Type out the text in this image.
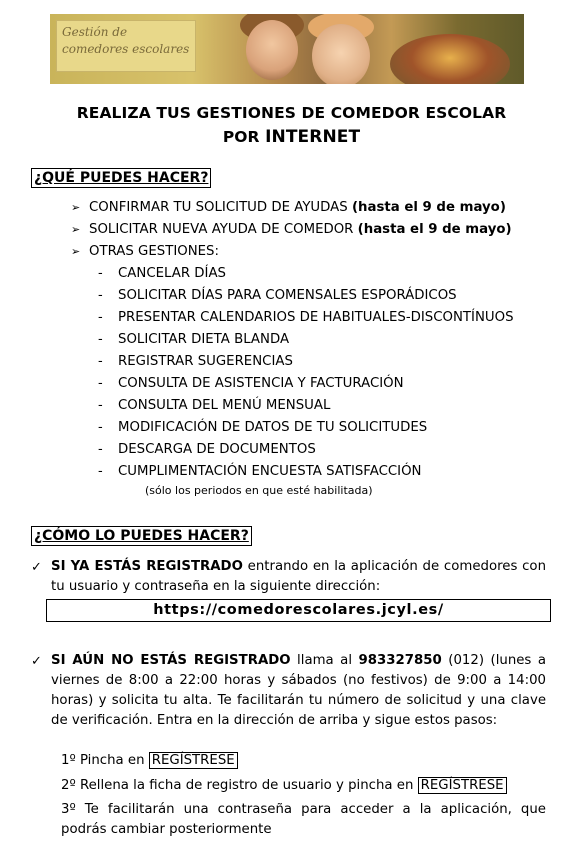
Gestión de
comedores escolares
REALIZA TUS GESTIONES DE COMEDOR ESCOLAR
POR INTERNET
¿QUÉ PUEDES HACER?
➢ CONFIRMAR TU SOLICITUD DE AYUDAS (hasta el 9 de mayo)
➢ SOLICITAR NUEVA AYUDA DE COMEDOR (hasta el 9 de mayo)
➢ OTRAS GESTIONES:
- CANCELAR DÍAS
- SOLICITAR DÍAS PARA COMENSALES ESPORÁDICOS
- PRESENTAR CALENDARIOS DE HABITUALES-DISCONTÍNUOS
- SOLICITAR DIETA BLANDA
- REGISTRAR SUGERENCIAS
- CONSULTA DE ASISTENCIA Y FACTURACIÓN
- CONSULTA DEL MENÚ MENSUAL
- MODIFICACIÓN DE DATOS DE TU SOLICITUDES
- DESCARGA DE DOCUMENTOS
- CUMPLIMENTACIÓN ENCUESTA SATISFACCIÓN
(sólo los periodos en que esté habilitada)
¿CÓMO LO PUEDES HACER?
✓ SI YA ESTÁS REGISTRADO entrando en la aplicación de comedores con tu usuario y contraseña en la siguiente dirección:
https://comedorescolares.jcyl.es/
✓ SI AÚN NO ESTÁS REGISTRADO llama al 983327850 (012) (lunes a viernes de 8:00 a 22:00 horas y sábados (no festivos) de 9:00 a 14:00 horas) y solicita tu alta. Te facilitarán tu número de solicitud y una clave de verificación. Entra en la dirección de arriba y sigue estos pasos:
1º Pincha en REGÍSTRESE
2º Rellena la ficha de registro de usuario y pincha en REGÍSTRESE
3º Te facilitarán una contraseña para acceder a la aplicación, que podrás cambiar posteriormente
